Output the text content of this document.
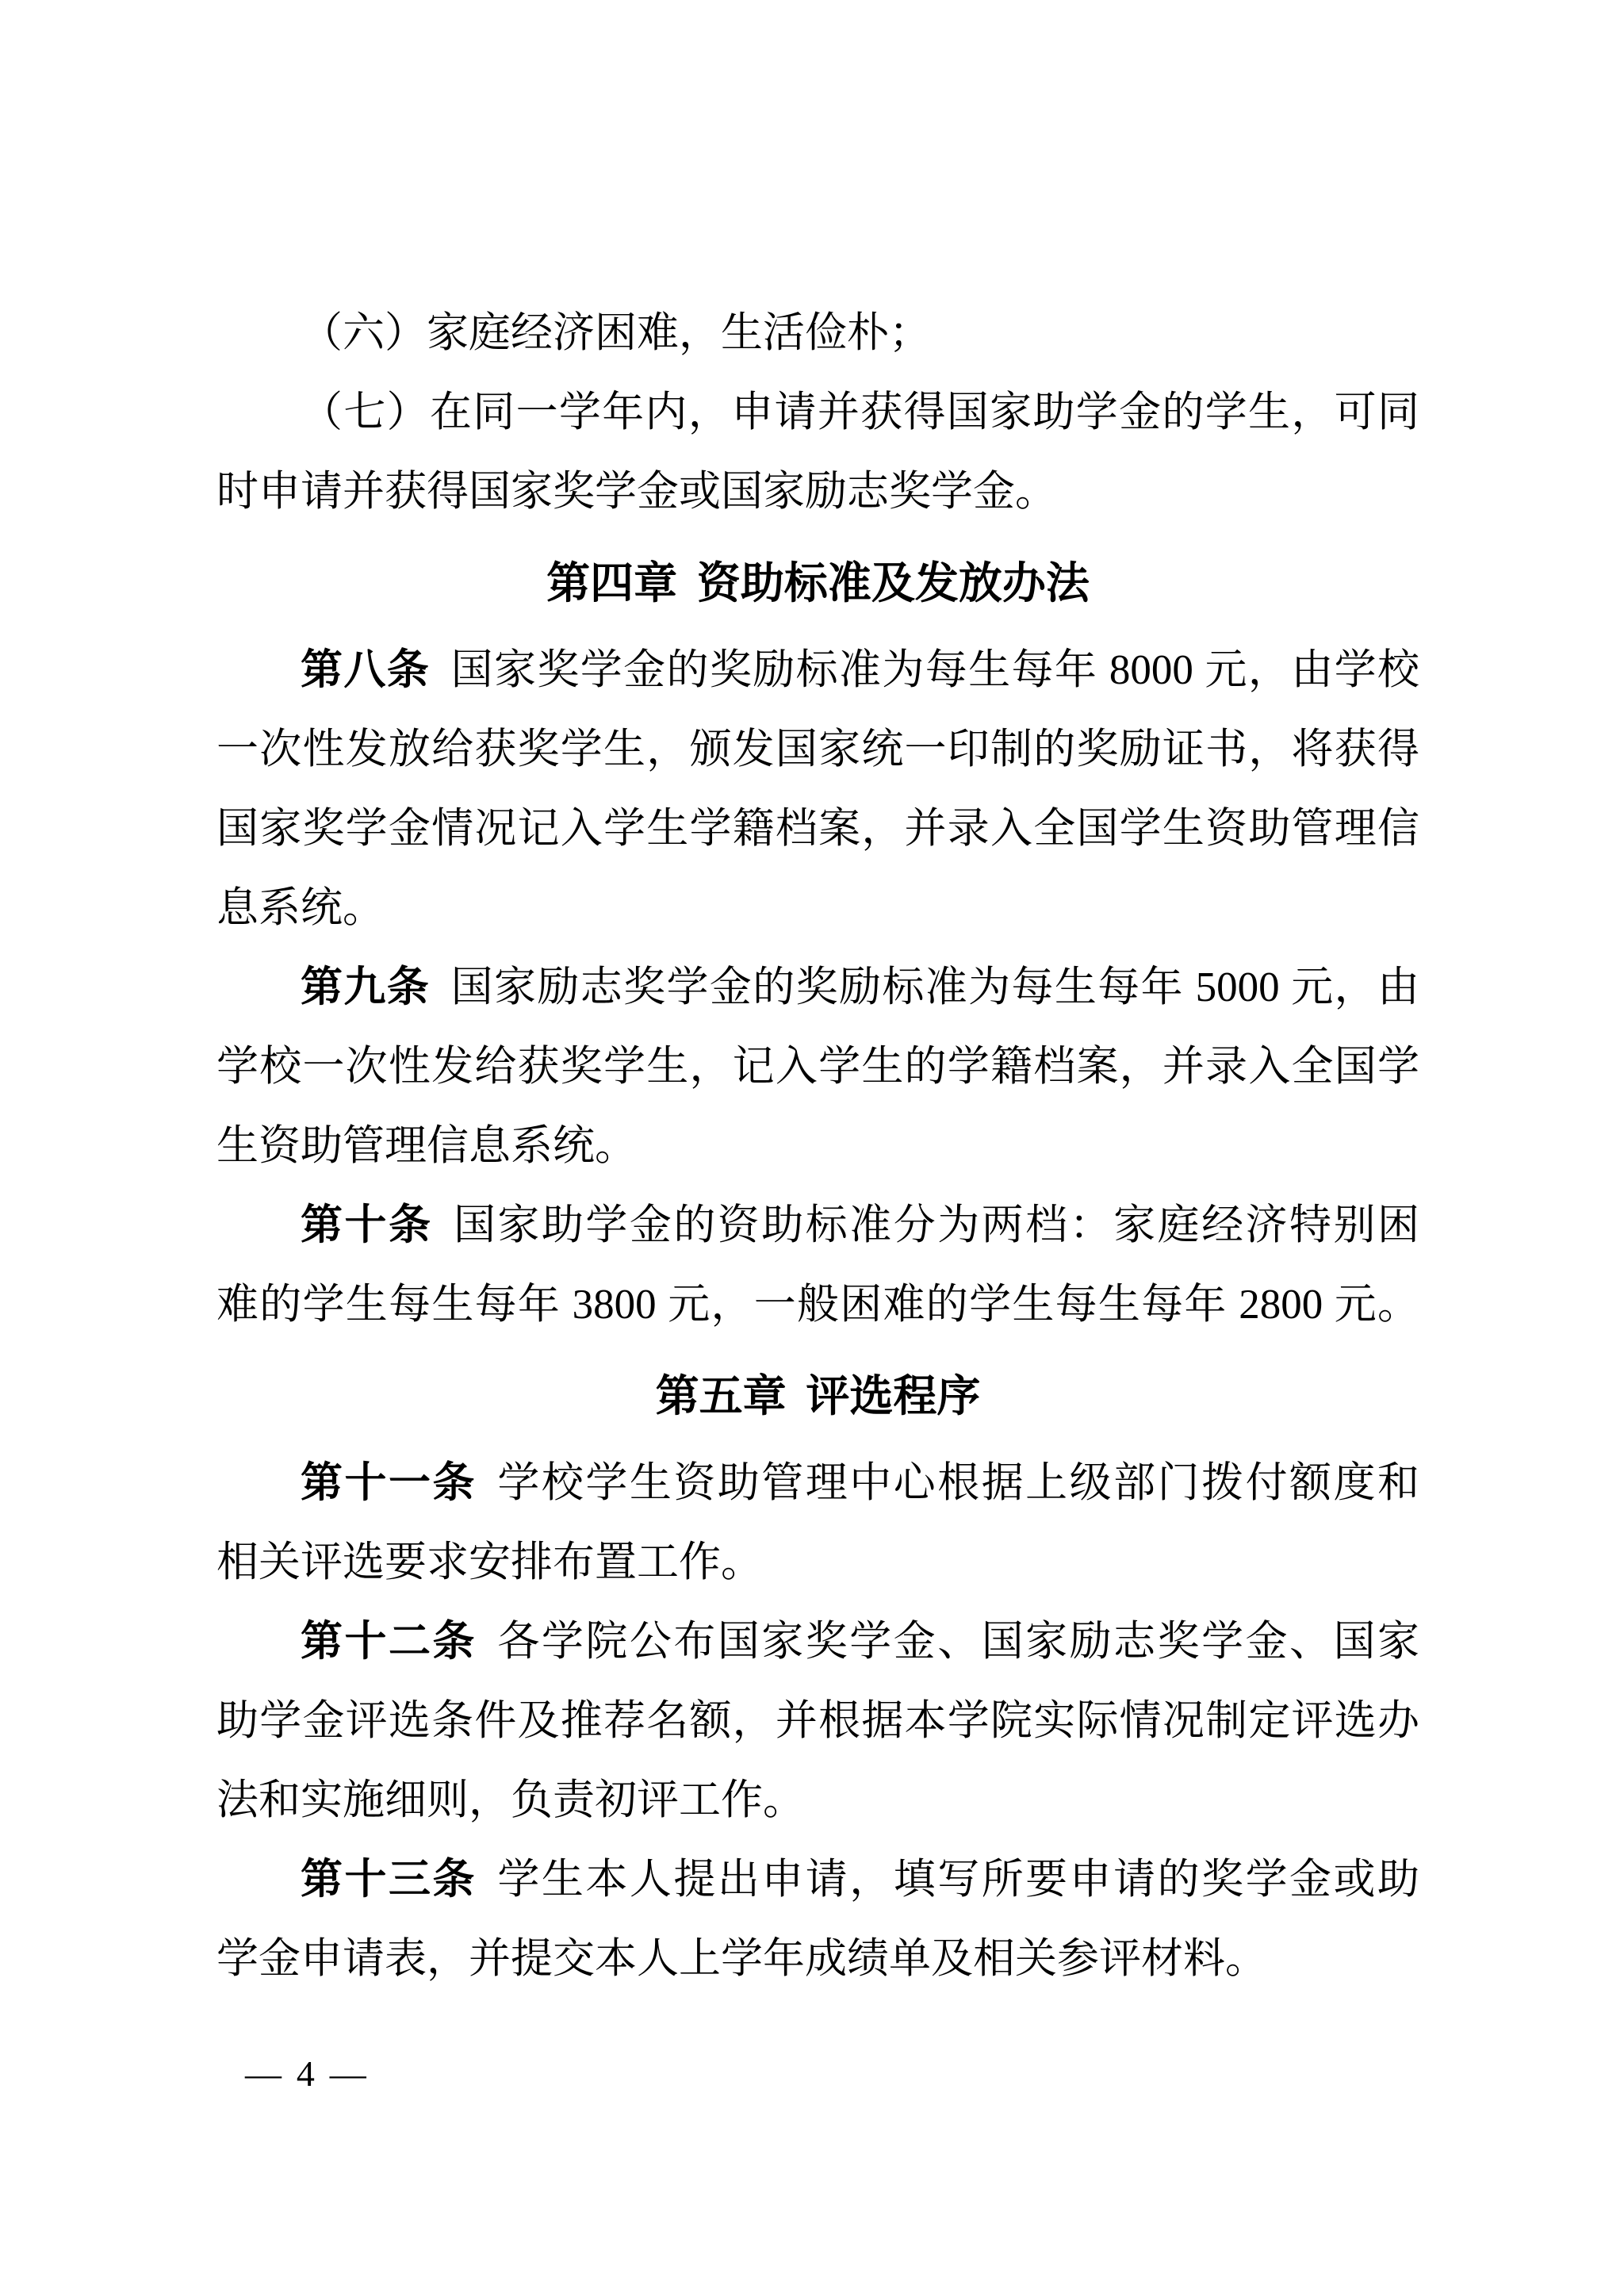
（六）家庭经济困难，生活俭朴；
（七）在同一学年内，申请并获得国家助学金的学生，可同
时申请并获得国家奖学金或国家励志奖学金。
第四章 资助标准及发放办法
第八条 国家奖学金的奖励标准为每生每年 8000 元，由学校
一次性发放给获奖学生，颁发国家统一印制的奖励证书，将获得
国家奖学金情况记入学生学籍档案，并录入全国学生资助管理信
息系统。
第九条 国家励志奖学金的奖励标准为每生每年 5000 元，由
学校一次性发给获奖学生，记入学生的学籍档案，并录入全国学
生资助管理信息系统。
第十条 国家助学金的资助标准分为两档：家庭经济特别困
难的学生每生每年 3800 元，一般困难的学生每生每年 2800 元。
第五章 评选程序
第十一条 学校学生资助管理中心根据上级部门拨付额度和
相关评选要求安排布置工作。
第十二条 各学院公布国家奖学金、国家励志奖学金、国家
助学金评选条件及推荐名额，并根据本学院实际情况制定评选办
法和实施细则，负责初评工作。
第十三条 学生本人提出申请，填写所要申请的奖学金或助
学金申请表，并提交本人上学年成绩单及相关参评材料。
— 4 —
